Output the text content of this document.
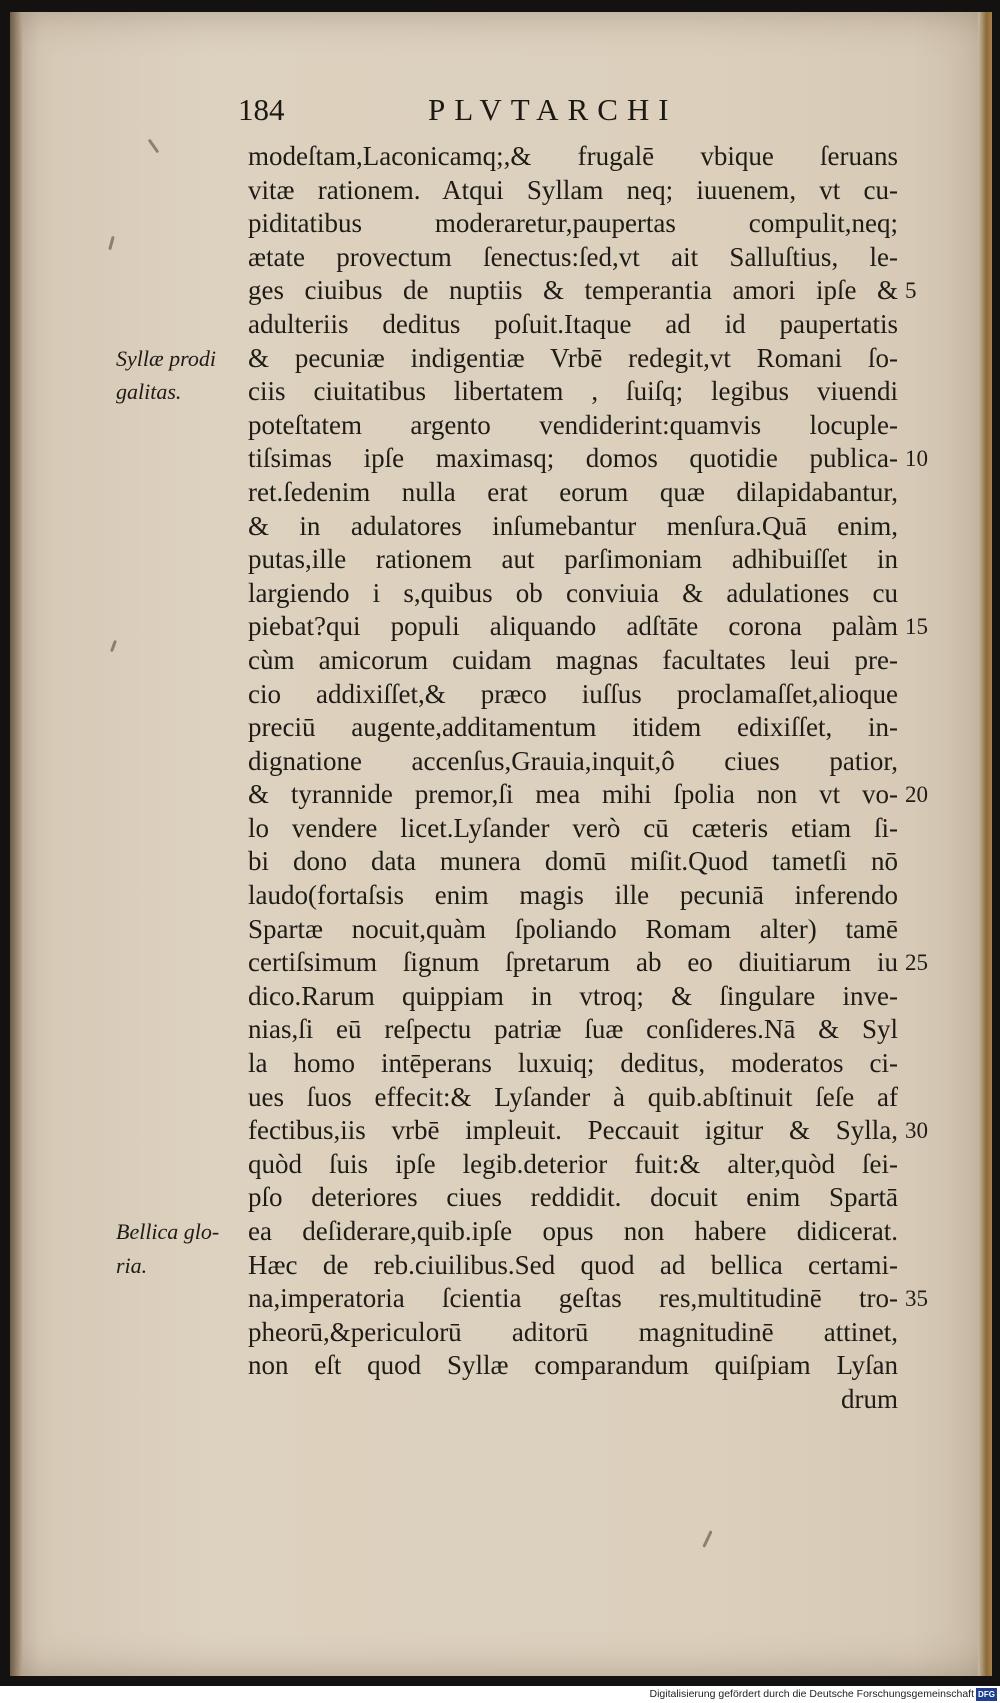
184	PLVTARCHI
modeſtam,Laconicamq;,& frugalē vbique ſeruans
vitæ rationem. Atqui Syllam neq; iuuenem, vt cu-
piditatibus moderaretur,paupertas compulit,neq;
ætate provectum ſenectus:ſed,vt ait Salluſtius, le-
ges ciuibus de nuptiis & temperantia amori ipſe &
adulteriis deditus poſuit.Itaque ad id paupertatis
& pecuniæ indigentiæ Vrbē redegit,vt Romani ſo-
ciis ciuitatibus libertatem , ſuiſq; legibus viuendi
poteſtatem argento vendiderint:quamvis locuple-
tiſsimas ipſe maximasq; domos quotidie publica-
ret.ſedenim nulla erat eorum quæ dilapidabantur,
& in adulatores inſumebantur menſura.Quā enim,
putas,ille rationem aut parſimoniam adhibuiſſet in
largiendo i s,quibus ob conviuia & adulationes cu
piebat?qui populi aliquando adſtāte corona palàm
cùm amicorum cuidam magnas facultates leui pre-
cio addixiſſet,& præco iuſſus proclamaſſet,alioque
preciū augente,additamentum itidem edixiſſet, in-
dignatione accenſus,Grauia,inquit,ô ciues patior,
& tyrannide premor,ſi mea mihi ſpolia non vt vo-
lo vendere licet.Lyſander verò cū cæteris etiam ſi-
bi dono data munera domū miſit.Quod tametſi nō
laudo(fortaſsis enim magis ille pecuniā inferendo
Spartæ nocuit,quàm ſpoliando Romam alter) tamē
certiſsimum ſignum ſpretarum ab eo diuitiarum iu
dico.Rarum quippiam in vtroq; & ſingulare inve-
nias,ſi eū reſpectu patriæ ſuæ conſideres.Nā & Syl
la homo intēperans luxuiq; deditus, moderatos ci-
ues ſuos effecit:& Lyſander à quib.abſtinuit ſeſe af
fectibus,iis vrbē impleuit. Peccauit igitur & Sylla,
quòd ſuis ipſe legib.deterior fuit:& alter,quòd ſei-
pſo deteriores ciues reddidit. docuit enim Spartā
ea deſiderare,quib.ipſe opus non habere didicerat.
Hæc de reb.ciuilibus.Sed quod ad bellica certami-
na,imperatoria ſcientia geſtas res,multitudinē tro-
pheorū,&periculorū aditorū magnitudinē attinet,
non eſt quod Syllæ comparandum quiſpiam Lyſan
drum
5
10
15
20
25
30
35
Syllæ prodi
galitas.
Bellica glo-
ria.
Digitalisierung gefördert durch die Deutsche Forschungsgemeinschaft DFG
